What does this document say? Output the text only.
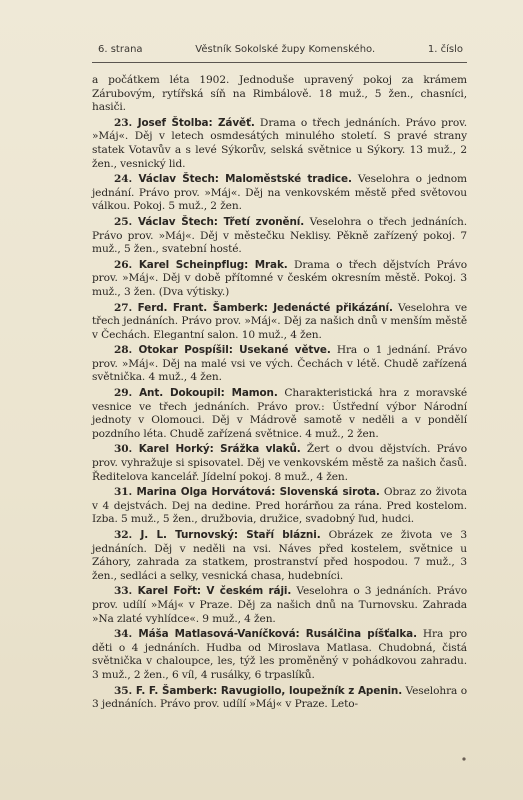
6. strana	Věstník Sokolské župy Komenského.	1. číslo

a počátkem léta 1902. Jednoduše upravený pokoj za krámem Zárubovým, rytířská síň na Rimbálově. 18 muž., 5 žen., chasníci, hasiči.

23. Josef Štolba: Závěť. Drama o třech jednáních. Právo prov. »Máj«. Děj v letech osmdesátých minulého století. S pravé strany statek Votavův a s levé Sýkorův, selská světnice u Sýkory. 13 muž., 2 žen., vesnický lid.

24. Václav Štech: Maloměstské tradice. Veselohra o jednom jednání. Právo prov. »Máj«. Děj na venkovském městě před světovou válkou. Pokoj. 5 muž., 2 žen.

25. Václav Štech: Třetí zvonění. Veselohra o třech jednáních. Právo prov. »Máj«. Děj v městečku Neklisy. Pěkně zařízený pokoj. 7 muž., 5 žen., svatební hosté.

26. Karel Scheinpflug: Mrak. Drama o třech dějstvích Právo prov. »Máj«. Děj v době přítomné v českém okresním městě. Pokoj. 3 muž., 3 žen. (Dva výtisky.)

27. Ferd. Frant. Šamberk: Jedenácté přikázání. Veselohra ve třech jednáních. Právo prov. »Máj«. Děj za našich dnů v menším městě v Čechách. Elegantní salon. 10 muž., 4 žen.

28. Otokar Pospíšil: Usekané větve. Hra o 1 jednání. Právo prov. »Máj«. Děj na malé vsi ve vých. Čechách v létě. Chudě zařízená světnička. 4 muž., 4 žen.

29. Ant. Dokoupil: Mamon. Charakteristická hra z moravské vesnice ve třech jednáních. Právo prov.: Ústřední výbor Národní jednoty v Olomouci. Děj v Mádrově samotě v neděli a v pondělí pozdního léta. Chudě zařízená světnice. 4 muž., 2 žen.

30. Karel Horký: Srážka vlaků. Žert o dvou dějstvích. Právo prov. vyhražuje si spisovatel. Děj ve venkovském městě za našich časů. Ředitelova kancelář. Jídelní pokoj. 8 muž., 4 žen.

31. Marina Olga Horvátová: Slovenská sirota. Obraz zo života v 4 dejstvách. Dej na dedine. Pred horárňou za rána. Pred kostelom. Izba. 5 muž., 5 žen., družbovia, družice, svadobný ľud, hudci.

32. J. L. Turnovský: Staří blázni. Obrázek ze života ve 3 jednáních. Děj v neděli na vsi. Náves před kostelem, světnice u Záhory, zahrada za statkem, prostranství před hospodou. 7 muž., 3 žen., sedláci a selky, vesnická chasa, hudebníci.

33. Karel Fořt: V českém ráji. Veselohra o 3 jednáních. Právo prov. udílí »Máj« v Praze. Děj za našich dnů na Turnovsku. Zahrada »Na zlaté vyhlídce«. 9 muž., 4 žen.

34. Máša Matlasová-Vaníčková: Rusálčina píšťalka. Hra pro děti o 4 jednáních. Hudba od Miroslava Matlasa. Chudobná, čistá světnička v chaloupce, les, týž les proměněný v pohádkovou zahradu. 3 muž., 2 žen., 6 víl, 4 rusálky, 6 trpaslíků.

35. F. F. Šamberk: Ravugiollo, loupežník z Apenin. Veselohra o 3 jednáních. Právo prov. udílí »Máj« v Praze. Leto-
